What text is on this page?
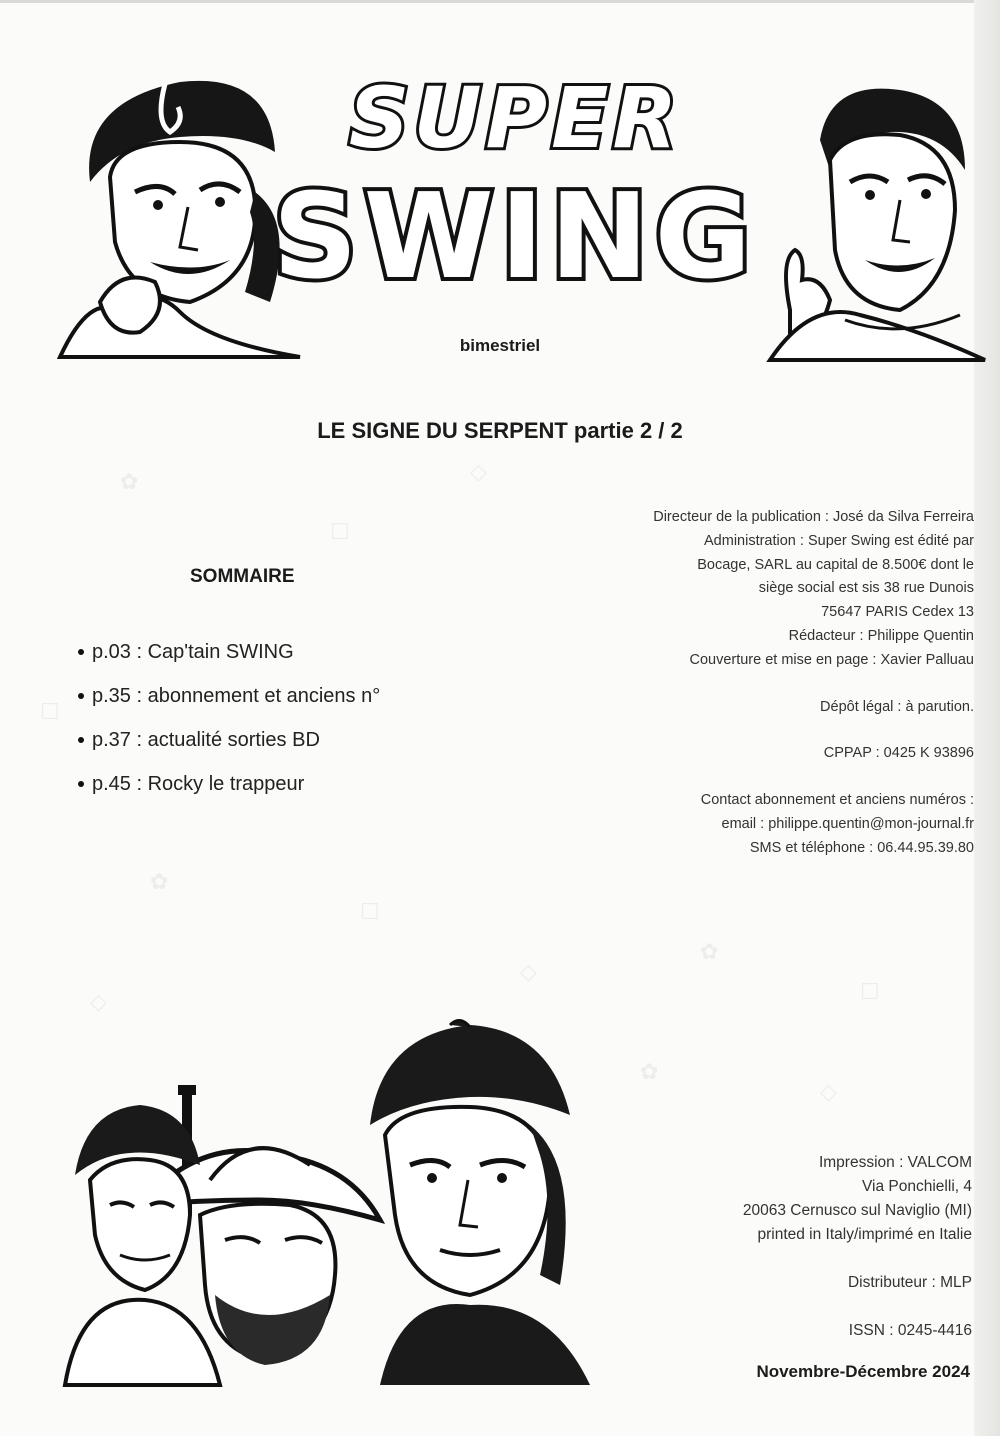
✿
☐
◇
✿
☐
◇
✿
☐
◇
✿
◇
☐
SUPER
SWING
bimestriel
LE SIGNE DU SERPENT partie 2 / 2

Directeur de la publication : José da Silva Ferreira

Administration : Super Swing est édité par

Bocage, SARL au capital de 8.500€ dont le

siège social est sis 38 rue Dunois

75647 PARIS Cedex 13

Rédacteur : Philippe Quentin

Couverture et mise en page : Xavier Palluau

Dépôt légal : à parution.

CPPAP : 0425 K 93896

Contact abonnement et anciens numéros :

email : philippe.quentin@mon-journal.fr

SMS et téléphone : 06.44.95.39.80

SOMMAIRE
p.03 : Cap'tain SWING
p.35 : abonnement et anciens n°
p.37 : actualité sorties BD
p.45 : Rocky le trappeur

Impression : VALCOM

Via Ponchielli, 4

20063 Cernusco sul Naviglio (MI)

printed in Italy/imprimé en Italie

Distributeur : MLP

ISSN : 0245-4416

Novembre-Décembre 2024
